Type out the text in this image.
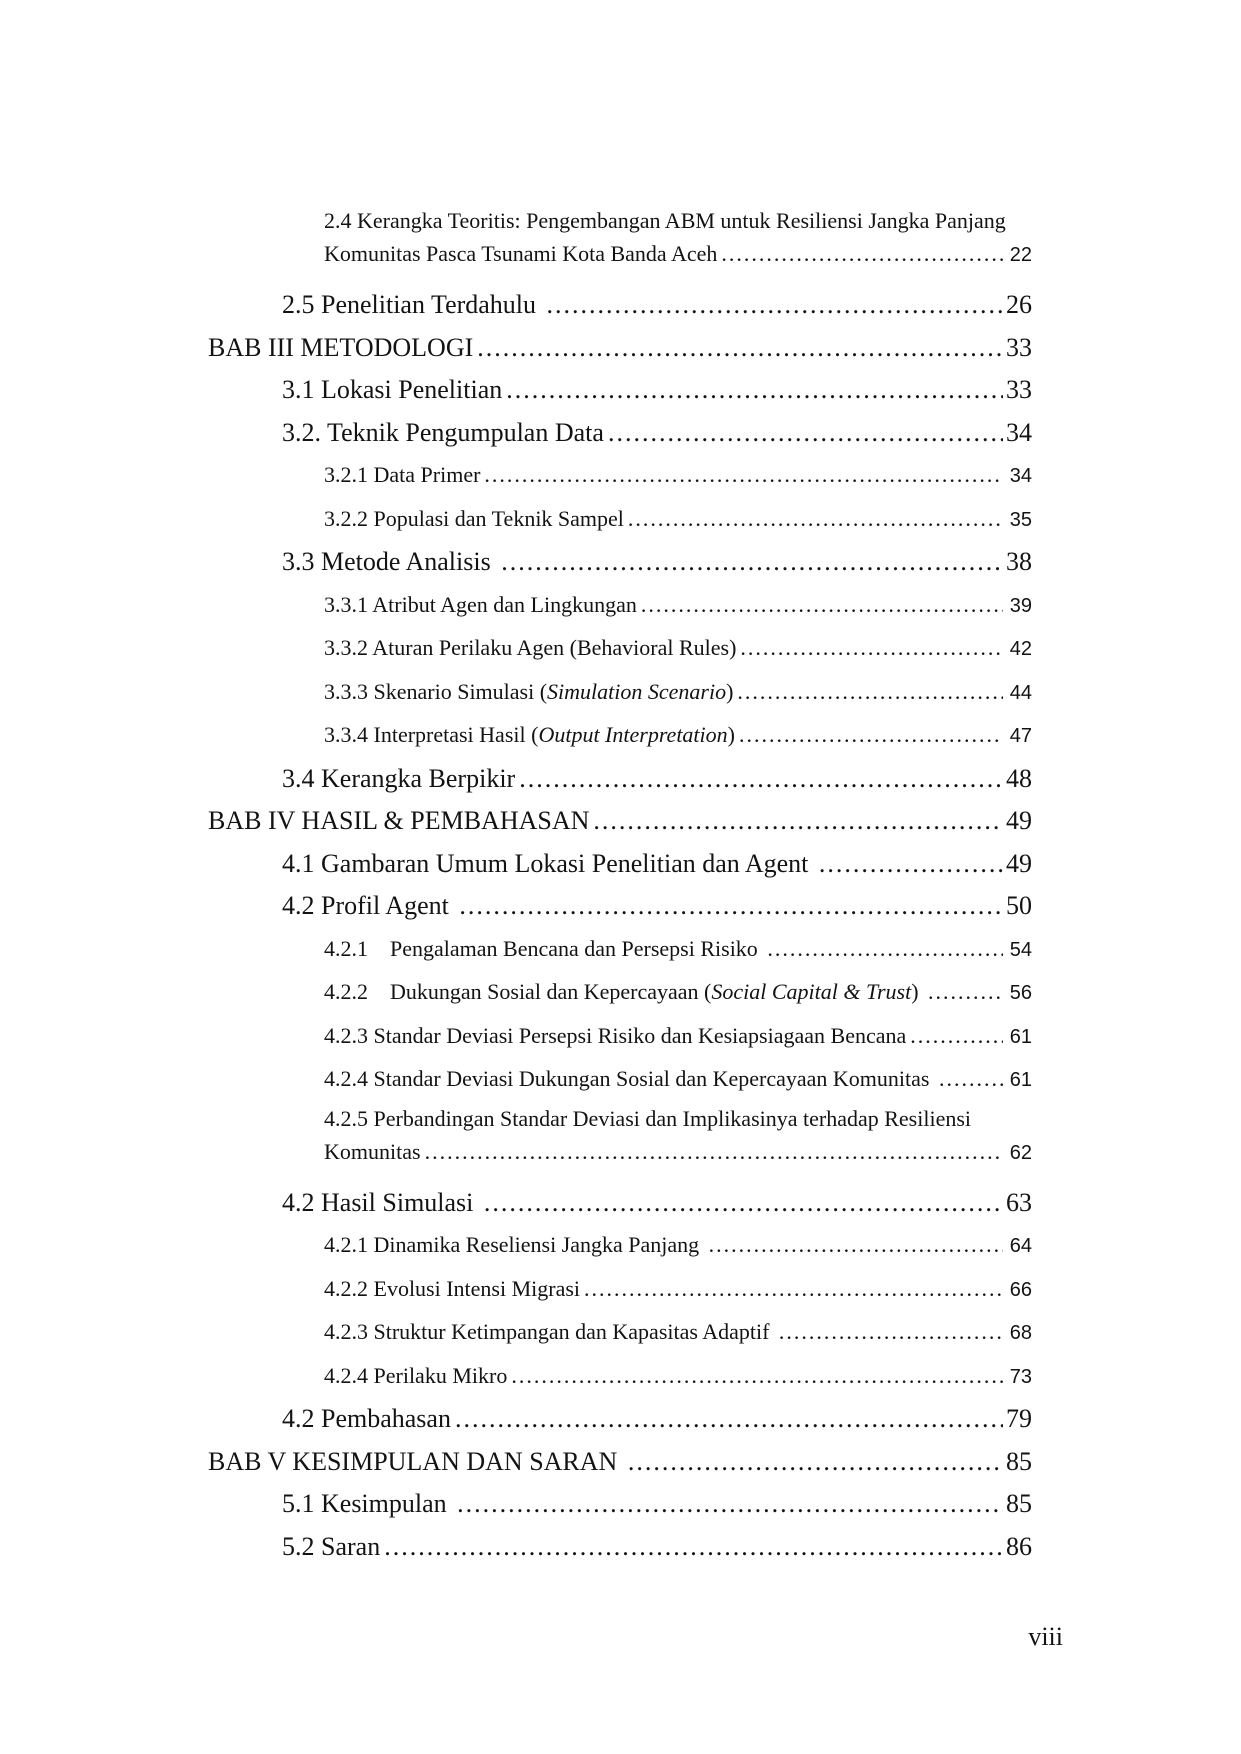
2.4 Kerangka Teoritis: Pengembangan ABM untuk Resiliensi Jangka Panjang
Komunitas Pasca Tsunami Kota Banda Aceh .....	22
2.5 Penelitian Terdahulu .....	26
BAB III METODOLOGI .....	33
3.1 Lokasi Penelitian .....	33
3.2. Teknik Pengumpulan Data .....	34
3.2.1 Data Primer .....	34
3.2.2 Populasi dan Teknik Sampel .....	35
3.3 Metode Analisis .....	38
3.3.1 Atribut Agen dan Lingkungan .....	39
3.3.2 Aturan Perilaku Agen (Behavioral Rules) .....	42
3.3.3 Skenario Simulasi (Simulation Scenario) .....	44
3.3.4 Interpretasi Hasil (Output Interpretation) .....	47
3.4 Kerangka Berpikir .....	48
BAB IV HASIL & PEMBAHASAN .....	49
4.1 Gambaran Umum Lokasi Penelitian dan Agent .....	49
4.2 Profil Agent .....	50
4.2.1    Pengalaman Bencana dan Persepsi Risiko .....	54
4.2.2    Dukungan Sosial dan Kepercayaan (Social Capital & Trust) .....	56
4.2.3 Standar Deviasi Persepsi Risiko dan Kesiapsiagaan Bencana .....	61
4.2.4 Standar Deviasi Dukungan Sosial dan Kepercayaan Komunitas .....	61
4.2.5 Perbandingan Standar Deviasi dan Implikasinya terhadap Resiliensi
Komunitas .....	62
4.2 Hasil Simulasi .....	63
4.2.1 Dinamika Reseliensi Jangka Panjang .....	64
4.2.2 Evolusi Intensi Migrasi .....	66
4.2.3 Struktur Ketimpangan dan Kapasitas Adaptif .....	68
4.2.4 Perilaku Mikro .....	73
4.2 Pembahasan .....	79
BAB V KESIMPULAN DAN SARAN .....	85
5.1 Kesimpulan .....	85
5.2 Saran .....	86
viii
